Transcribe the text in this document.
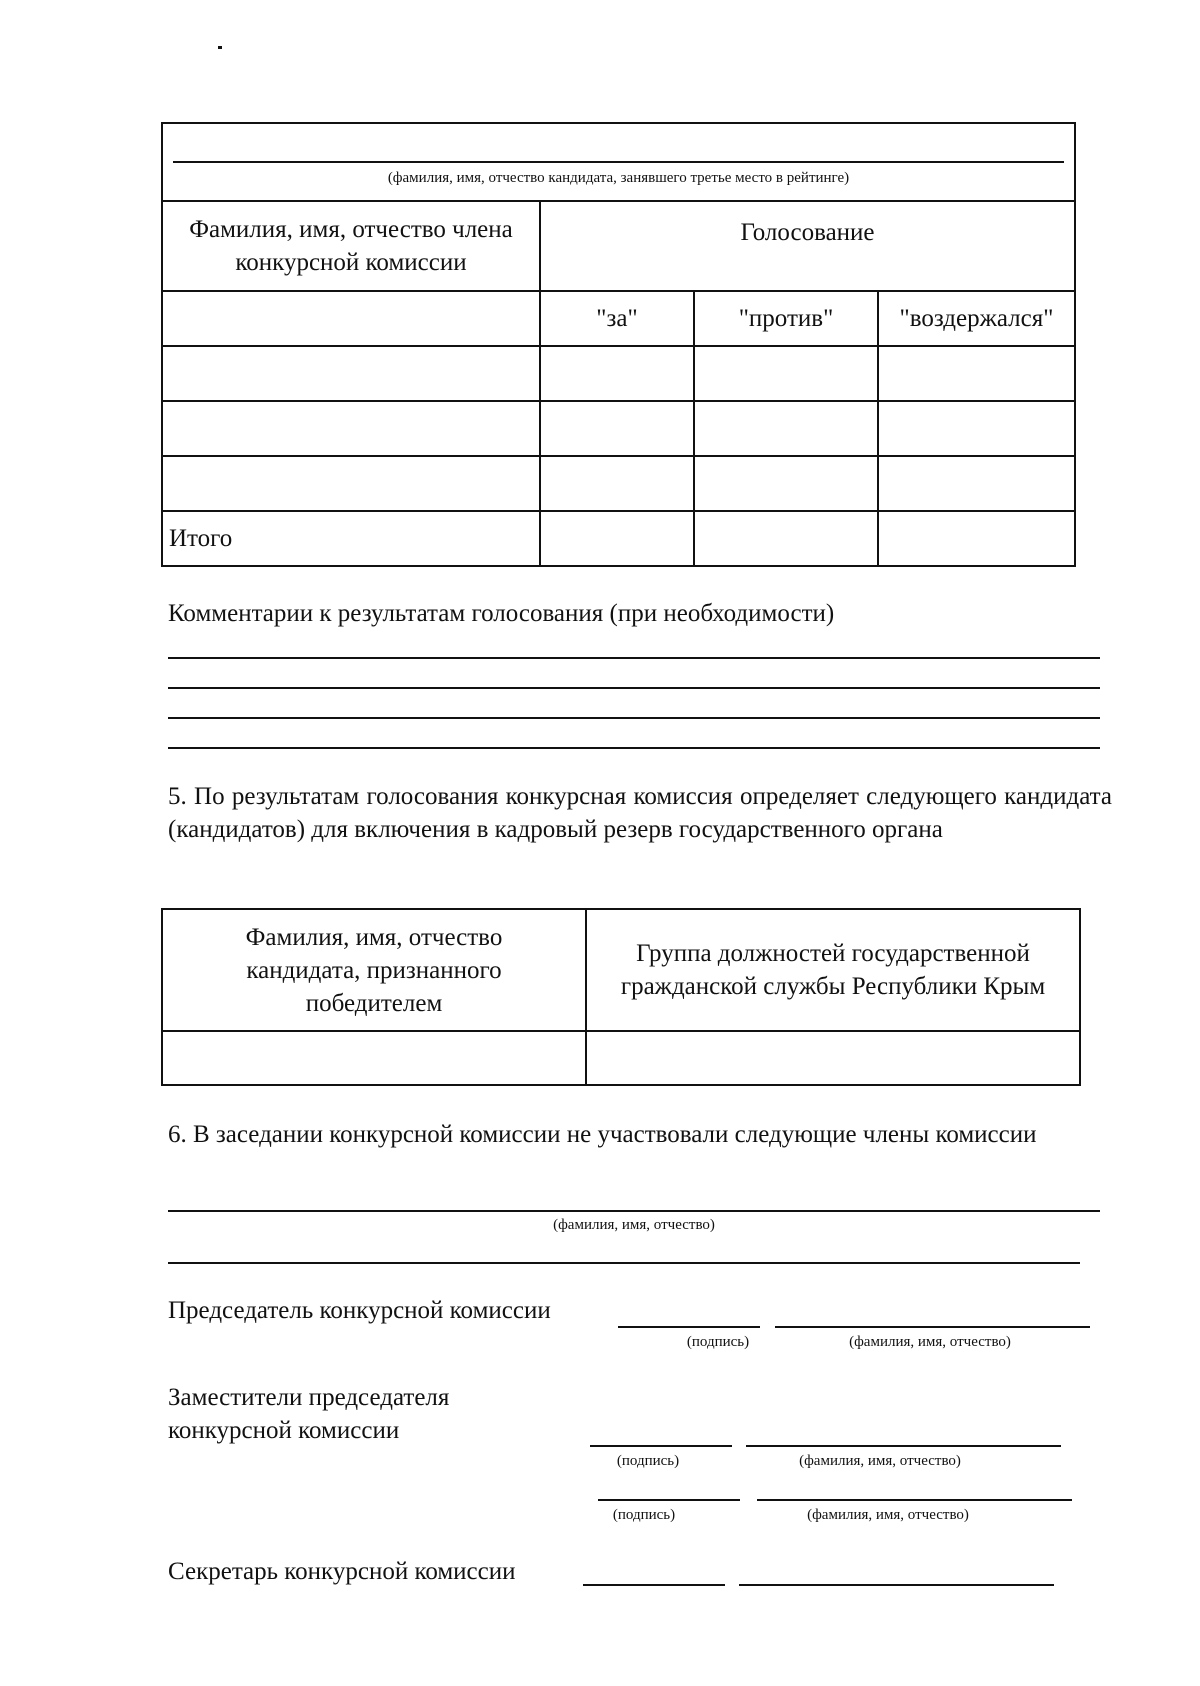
(фамилия, имя, отчество кандидата, занявшего третье место в рейтинге)			

Фамилия, имя, отчество члена конкурсной комиссии	Голосование		
	"за"	"против"	"воздержался"

Итого			
Комментарии к результатам голосования (при необходимости)
5. По результатам голосования конкурсная комиссия определяет следующего кандидата (кандидатов) для включения в кадровый резерв государственного органа
Фамилия, имя, отчество кандидата, признанного победителем	Группа должностей государственной гражданской службы Республики Крым

6. В заседании конкурсной комиссии не участвовали следующие члены комиссии
(фамилия, имя, отчество)
Председатель конкурсной комиссии
(подпись)	(фамилия, имя, отчество)
Заместители председателя
конкурсной комиссии
(подпись)	(фамилия, имя, отчество)
(подпись)	(фамилия, имя, отчество)
Секретарь конкурсной комиссии
